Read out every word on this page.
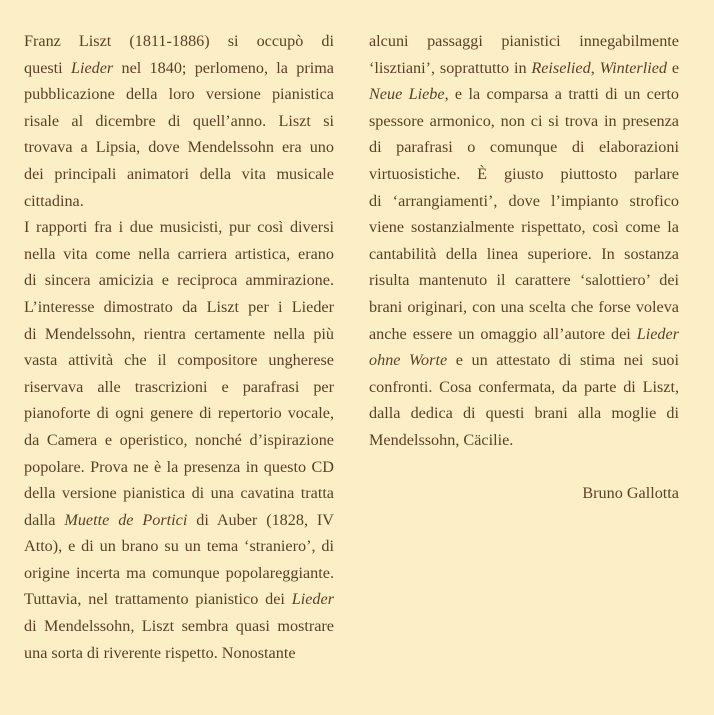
Franz Liszt (1811-1886) si occupò di
questi Lieder nel 1840; perlomeno, la prima
pubblicazione della loro versione pianistica
risale al dicembre di quell’anno. Liszt si
trovava a Lipsia, dove Mendelssohn era uno
dei principali animatori della vita musicale
cittadina.
I rapporti fra i due musicisti, pur così diversi
nella vita come nella carriera artistica, erano
di sincera amicizia e reciproca ammirazione.
L’interesse dimostrato da Liszt per i Lieder
di Mendelssohn, rientra certamente nella più
vasta attività che il compositore ungherese
riservava alle trascrizioni e parafrasi per
pianoforte di ogni genere di repertorio vocale,
da Camera e operistico, nonché d’ispirazione
popolare. Prova ne è la presenza in questo CD
della versione pianistica di una cavatina tratta
dalla Muette de Portici di Auber (1828, IV
Atto), e di un brano su un tema ‘straniero’, di
origine incerta ma comunque popolareggiante.
Tuttavia, nel trattamento pianistico dei Lieder
di Mendelssohn, Liszt sembra quasi mostrare
una sorta di riverente rispetto. Nonostante
alcuni passaggi pianistici innegabilmente
‘lisztiani’, soprattutto in Reiselied, Winterlied e
Neue Liebe, e la comparsa a tratti di un certo
spessore armonico, non ci si trova in presenza
di parafrasi o comunque di elaborazioni
virtuosistiche. È giusto piuttosto parlare
di ‘arrangiamenti’, dove l’impianto strofico
viene sostanzialmente rispettato, così come la
cantabilità della linea superiore. In sostanza
risulta mantenuto il carattere ‘salottiero’ dei
brani originari, con una scelta che forse voleva
anche essere un omaggio all’autore dei Lieder
ohne Worte e un attestato di stima nei suoi
confronti. Cosa confermata, da parte di Liszt,
dalla dedica di questi brani alla moglie di
Mendelssohn, Cäcilie.
Bruno Gallotta
